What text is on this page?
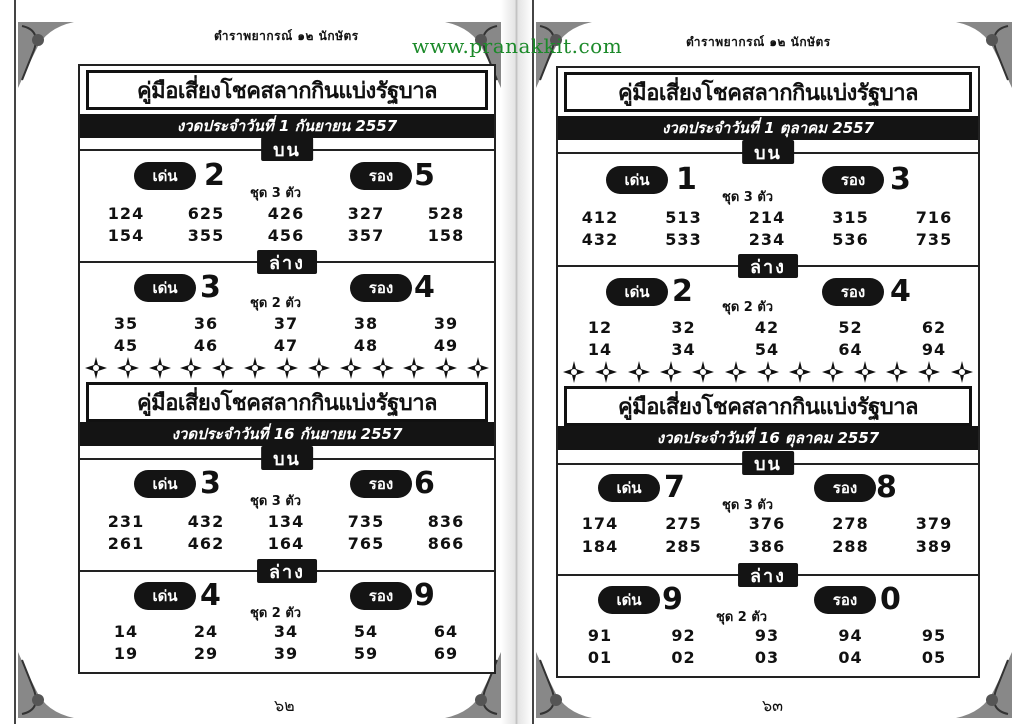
ตำราพยากรณ์ ๑๒ นักษัตร
คู่มือเสี่ยงโชคสลากกินแบ่งรัฐบาล
งวดประจำวันที่ 1 กันยายน 2557
บน
เด่น 2
ชุด 3 ตัว
รอง 5
124	625	426	327	528
154	355	456	357	158
ล่าง
เด่น 3 ชุด 2 ตัว
รอง 4
35	36	37	38	39
45	46	47	48	49
คู่มือเสี่ยงโชคสลากกินแบ่งรัฐบาล
งวดประจำวันที่ 16 กันยายน 2557
บน
เด่น 3
ชุด 3 ตัว
รอง 6
231	432	134	735	836
261	462	164	765	866
ล่าง
เด่น 4
ชุด 2 ตัว
รอง 9
14	24	34	54	64
19	29	39	59	69
๖๒
ตำราพยากรณ์ ๑๒ นักษัตร
คู่มือเสี่ยงโชคสลากกินแบ่งรัฐบาล
งวดประจำวันที่ 1 ตุลาคม 2557
บน
เด่น 1
ชุด 3 ตัว
รอง 3
412	513	214	315	716
432	533	234	536	735
ล่าง
เด่น 2 ชุด 2 ตัว
รอง 4
12	32	42	52	62
14	34	54	64	94
คู่มือเสี่ยงโชคสลากกินแบ่งรัฐบาล
งวดประจำวันที่ 16 ตุลาคม 2557
บน
เด่น 7
ชุด 3 ตัว
รอง 8
174	275	376	278	379
184	285	386	288	389
ล่าง
เด่น 9
ชุด 2 ตัว
รอง 0
91	92	93	94	95
01	02	03	04	05
๖๓
www.pranakkit.com
